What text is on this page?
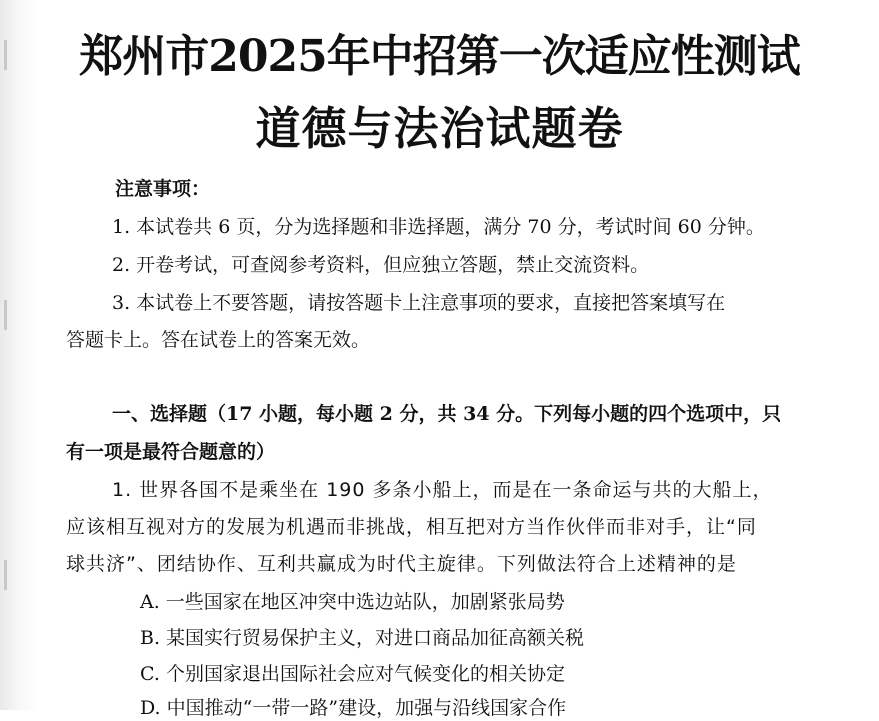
郑州市2025年中招第一次适应性测试
道德与法治试题卷
注意事项：
1. 本试卷共 6 页，分为选择题和非选择题，满分 70 分，考试时间 60 分钟。
2. 开卷考试，可查阅参考资料，但应独立答题，禁止交流资料。
3. 本试卷上不要答题，请按答题卡上注意事项的要求，直接把答案填写在
答题卡上。答在试卷上的答案无效。
一、选择题（17 小题，每小题 2 分，共 34 分。下列每小题的四个选项中，只
有一项是最符合题意的）
1. 世界各国不是乘坐在 190 多条小船上，而是在一条命运与共的大船上，
应该相互视对方的发展为机遇而非挑战，相互把对方当作伙伴而非对手，让“同
球共济”、团结协作、互利共赢成为时代主旋律。下列做法符合上述精神的是
A. 一些国家在地区冲突中选边站队，加剧紧张局势
B. 某国实行贸易保护主义，对进口商品加征高额关税
C. 个别国家退出国际社会应对气候变化的相关协定
D. 中国推动“一带一路”建设，加强与沿线国家合作
